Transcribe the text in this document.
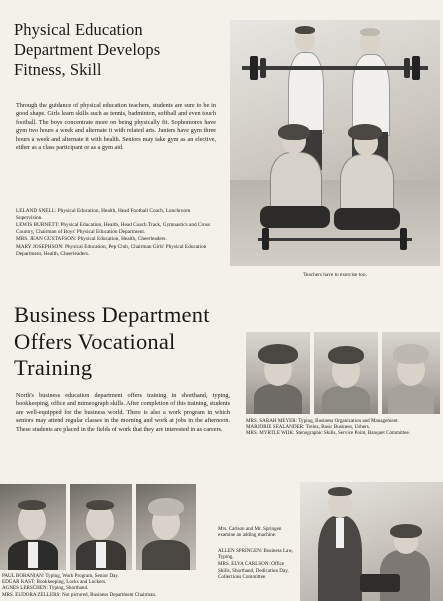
Physical Education
Department Develops
Fitness, Skill
Through the guidance of physical education teachers, students are sure to be in good shape. Girls learn skills such as tennis, badminton, softball and even touch football. The boys concentrate more on being physically fit. Sophomores have gym two hours a week and alternate it with related arts. Juniers have gym three hours a week and alternate it with health. Seniors may take gym as an elective, either as a class participant or as a gym aid.
LELAND SNELL: Physical Education, Health, Head Football Coach, Lunchroom Supervision.
LEWIS BURNETT: Physical Education, Health, Head Coach Track, Gymnastics and Cross Country, Chairman of Boys' Physical Education Department.
MRS. JEAN GUSTAFSON: Physical Education, Health, Cheerleaders.
MARY JOSEPHSON: Physical Education, Pep Club, Chairman Girls' Physical Education Department, Health, Cheerleaders.
Teachers have to exercise too.
Business Department
Offers Vocational
Training
North's business education department offers training in shorthand, typing, bookkeeping, office and mimeograph skills. After completion of this training, students are well-equipped for the business world. There is also a work program in which seniors may attend regular classes in the morning and work at jobs in the afternoon. These students are placed in the fields of work that they are interested in as careers.
MRS. SARAH MEYER: Typing, Business Organization and Management.
MARJORIE SEALANDER: Treinz, Basic Business, Ushers.
MRS. MYRTLE WIIK: Stenographic Skills, Service Point, Banquet Committee.
PAUL BORANIAN: Typing, Work Program, Senior Day.
EDGAR KAST: Bookkeeping, Locks and Lockers.
AGNES LERSCHEN: Typing, Shorthand.
MRS. EUDORA ZELLERS: Not pictured, Business Department Chairman.
Mrs. Carlson and Mr. Springen examine an adding machine.
ALLEN SPRINGEN: Business Law, Typing.
MRS. ELVA CARLSON: Office Skills, Shorthand, Dedication Day, Collections Committee.
